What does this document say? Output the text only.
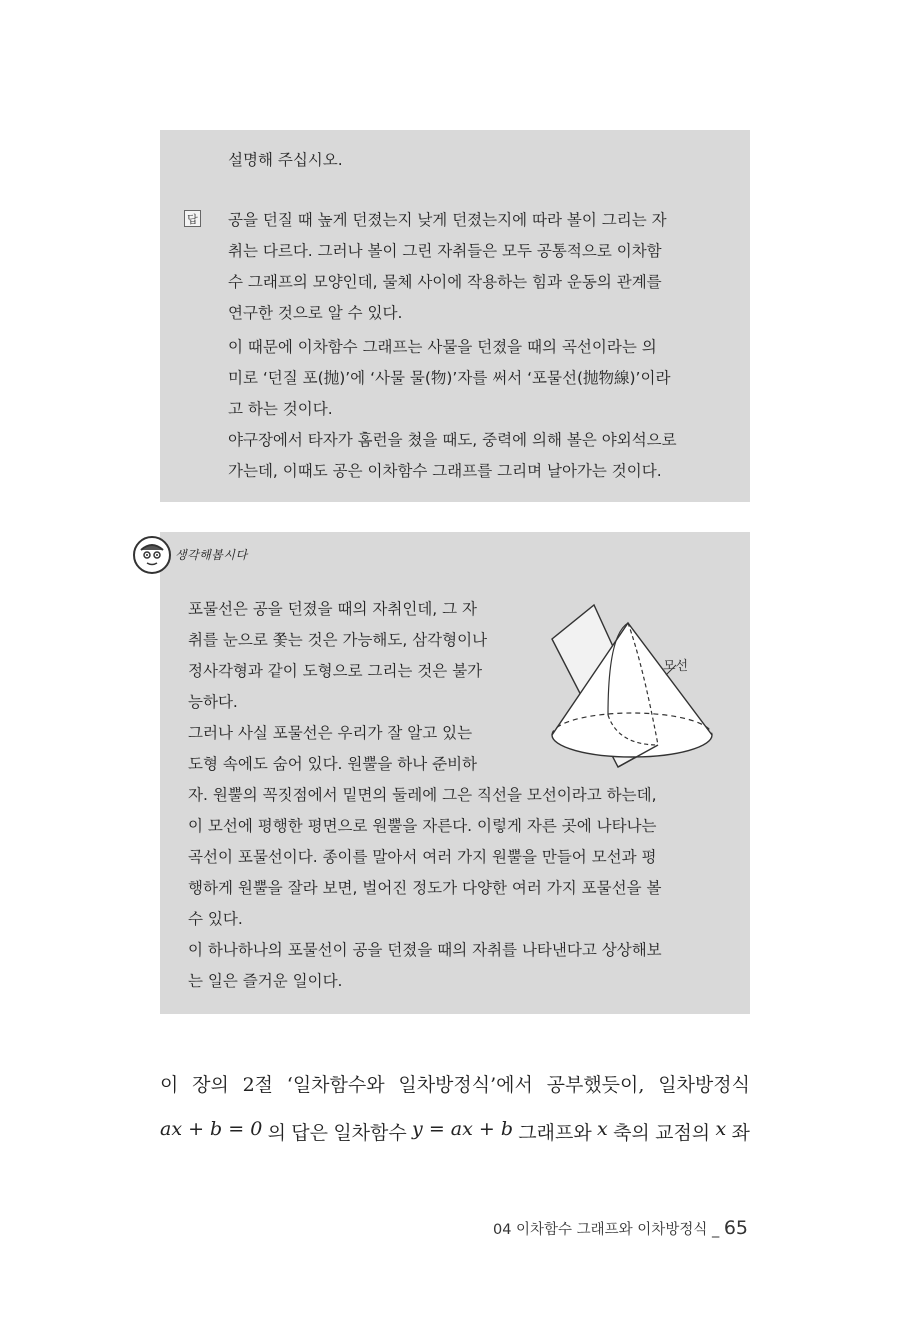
설명해 주십시오.
답 공을 던질 때 높게 던졌는지 낮게 던졌는지에 따라 볼이 그리는 자
취는 다르다. 그러나 볼이 그린 자취들은 모두 공통적으로 이차함
수 그래프의 모양인데, 물체 사이에 작용하는 힘과 운동의 관계를
연구한 것으로 알 수 있다.
이 때문에 이차함수 그래프는 사물을 던졌을 때의 곡선이라는 의
미로 ‘던질 포(抛)’에 ‘사물 물(物)’자를 써서 ‘포물선(抛物線)’이라
고 하는 것이다.
야구장에서 타자가 홈런을 쳤을 때도, 중력에 의해 볼은 야외석으로
가는데, 이때도 공은 이차함수 그래프를 그리며 날아가는 것이다.
포물선은 공을 던졌을 때의 자취인데, 그 자
취를 눈으로 쫓는 것은 가능해도, 삼각형이나
정사각형과 같이 도형으로 그리는 것은 불가
능하다.
그러나 사실 포물선은 우리가 잘 알고 있는
도형 속에도 숨어 있다. 원뿔을 하나 준비하
자. 원뿔의 꼭짓점에서 밑면의 둘레에 그은 직선을 모선이라고 하는데,
이 모선에 평행한 평면으로 원뿔을 자른다. 이렇게 자른 곳에 나타나는
곡선이 포물선이다. 종이를 말아서 여러 가지 원뿔을 만들어 모선과 평
행하게 원뿔을 잘라 보면, 벌어진 정도가 다양한 여러 가지 포물선을 볼
수 있다.
이 하나하나의 포물선이 공을 던졌을 때의 자취를 나타낸다고 상상해보
는 일은 즐거운 일이다.
생각해봅시다
모선
이 장의 2절 ‘일차함수와 일차방정식’에서 공부했듯이, 일차방정식
ax + b = 0 의 답은 일차함수 y = ax + b 그래프와 x 축의 교점의 x 좌
04 이차함수 그래프와 이차방정식 _ 65
